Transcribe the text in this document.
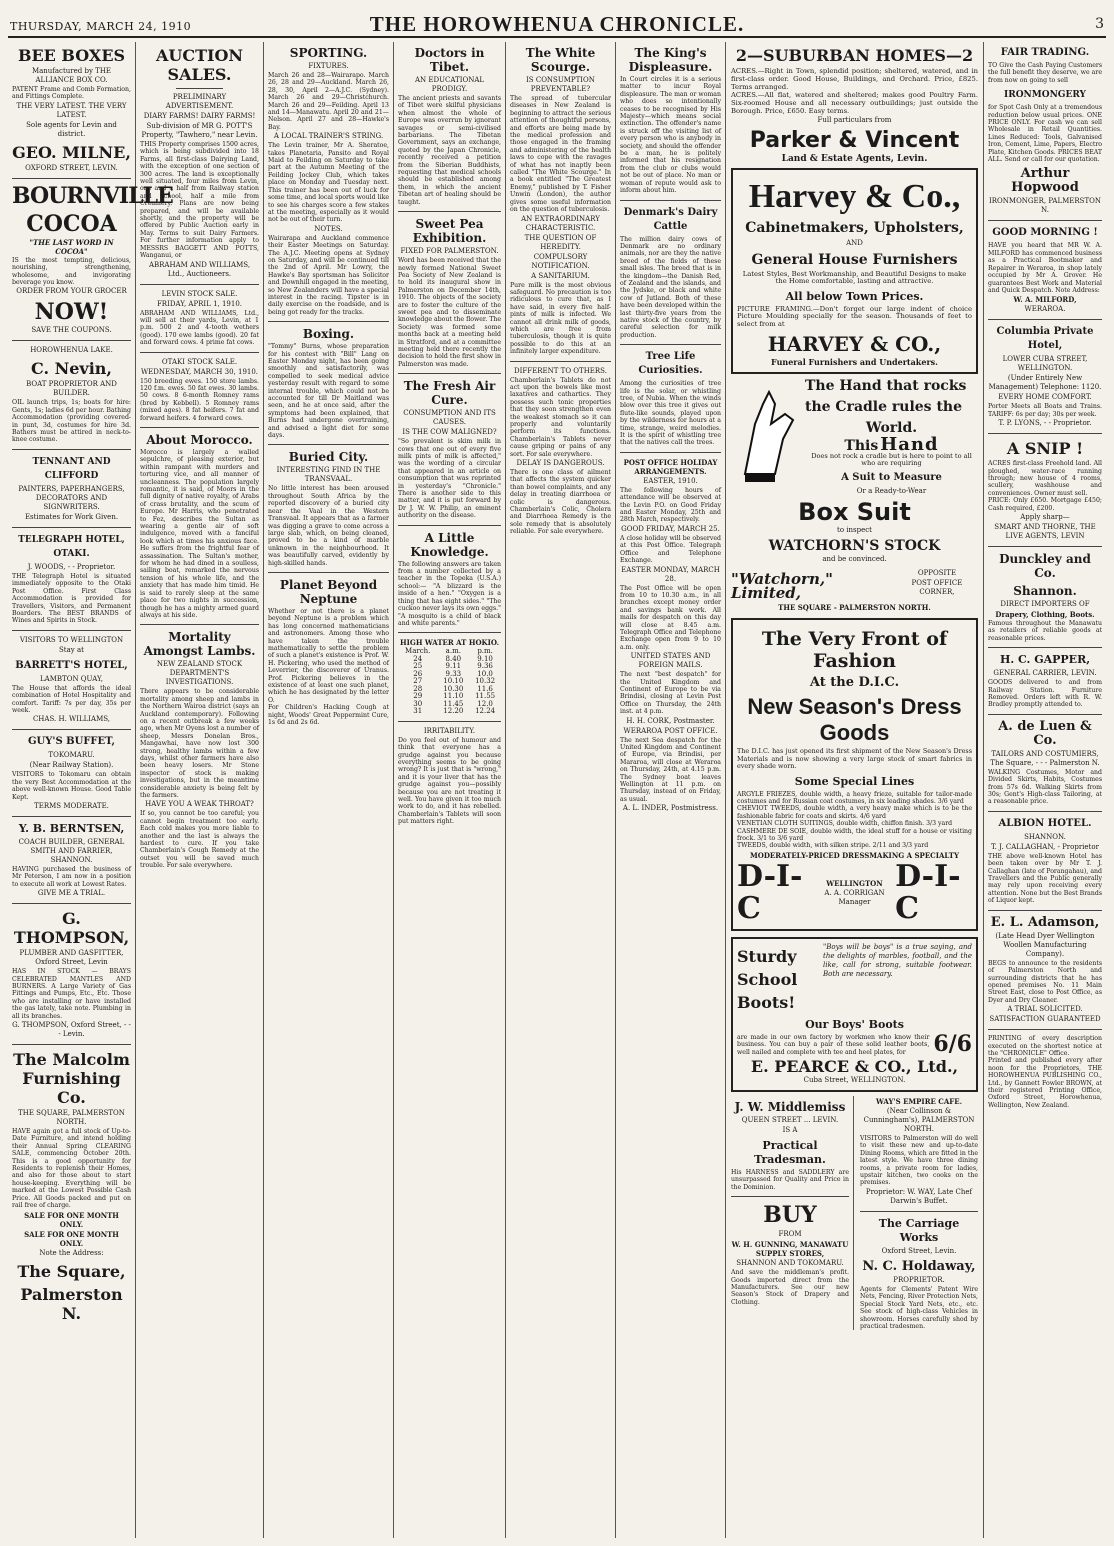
THURSDAY, MARCH 24, 1910	THE HOROWHENUA CHRONICLE.	3
BEE BOXES
Manufactured by THE ALLIANCE BOX CO.

PATENT Frame and Comb Formation, and Fittings Complete.

THE VERY LATEST. THE VERY LATEST.
Sole agents for Levin and district.
GEO. MILNE,
OXFORD STREET, LEVIN.
BOURNVILLE
COCOA
"THE LAST WORD IN COCOA"

IS the most tempting, delicious, nourishing, strengthening, wholesome, and invigorating beverage you know.

ORDER FROM YOUR GROCER
NOW!
SAVE THE COUPONS.
HOROWHENUA LAKE.
C. Nevin,
BOAT PROPRIETOR AND BUILDER.

OIL launch trips, 1s; boats for hire: Gents, 1s; ladies 6d per hour. Bathing Accommodation (providing covered-in punt, 3d, costumes for hire 3d. Bathers must be attired in neck-to-knee costume.

TENNANT AND CLIFFORD
PAINTERS, PAPERHANGERS, DECORATORS AND SIGNWRITERS.
Estimates for Work Given.
TELEGRAPH HOTEL, OTAKI.
J. WOODS, - - Proprietor.

THE Telegraph Hotel is situated immediately opposite to the Otaki Post Office. First Class Accommodation is provided for Travellers, Visitors, and Permanent Boarders. The BEST BRANDS of Wines and Spirits in Stock.

VISITORS TO WELLINGTON
Stay at
BARRETT'S HOTEL,
LAMBTON QUAY,

The House that affords the ideal combination of Hotel Hospitality and comfort. Tariff: 7s per day, 35s per week.

CHAS. H. WILLIAMS,
GUY'S BUFFET,
TOKOMARU.
(Near Railway Station).

VISITORS to Tokomaru can obtain the very Best Accommodation at the above well-known House. Good Table Kept.

TERMS MODERATE.
Y. B. BERNTSEN,
COACH BUILDER, GENERAL SMITH AND FARRIER, SHANNON.

HAVING purchased the business of Mr Peterson, I am now in a position to execute all work at Lowest Rates.

GIVE ME A TRIAL.
G. THOMPSON,
PLUMBER AND GASFITTER, Oxford Street, Levin

HAS IN STOCK — BRAYS CELEBRATED MANTLES AND BURNERS. A Large Variety of Gas Fittings and Pumps, Etc., Etc. Those who are installing or have installed the gas lately, take note. Plumbing in all its branches.

G. THOMPSON, Oxford Street, - - - Levin.
The Malcolm Furnishing Co.
THE SQUARE, PALMERSTON NORTH.

HAVE again got a full stock of Up-to-Date Furniture, and intend holding their Annual Spring CLEARING SALE, commencing October 20th. This is a good opportunity for Residents to replenish their Homes, and also for those about to start house-keeping. Everything will be marked at the Lowest Possible Cash Price. All Goods packed and put on rail free of charge.

SALE FOR ONE MONTH ONLY.
SALE FOR ONE MONTH ONLY.
Note the Address:
The Square,
Palmerston N.
AUCTION SALES.
PRELIMINARY ADVERTISEMENT.
DIARY FARMS! DAIRY FARMS!
Sub-division of MR G. POTT'S Property, "Tawhero," near Levin.

THIS Property comprises 1500 acres, which is being subdivided into 18 Farms, all first-class Dairying Land, with the exception of one section of 300 acres. The land is exceptionally well situated, four miles from Levin, one and a half from Railway station and School, half a mile from Creamery. Plans are now being prepared, and will be available shortly, and the property will be offered by Public Auction early in May. Terms to suit Dairy Farmers. For further information apply to MESSRS BAGGETT AND POTTS, Wanganui, or

ABRAHAM AND WILLIAMS, Ltd., Auctioneers.
LEVIN STOCK SALE.
FRIDAY, APRIL 1, 1910.

ABRAHAM AND WILLIAMS, Ltd., will sell at their yards, Levin, at 1 p.m. 500 2 and 4-tooth wethers (good). 170 ewe lambs (good). 20 fat and forward cows. 4 prime fat cows.

OTAKI STOCK SALE.
WEDNESDAY, MARCH 30, 1910.

150 breeding ewes. 150 store lambs. 120 f.m. ewes. 50 fat ewes. 30 lambs. 50 cows. 8 6-month Romney rams (bred by Kebbell). 5 Romney rams (mixed ages). 8 fat heifers. 7 fat and forward heifers. 4 forward cows.

About Morocco.

Morocco is largely a walled sepulchre, of pleasing exterior, but within rampant with murders and torturing vice, and all manner of uncleanness. The population largely romantic, it is said, of Moors in the full dignity of native royalty, of Arabs of crass brutality, and the scum of Europe. Mr Harris, who penetrated to Fez, describes the Sultan as wearing a gentle air of soft indulgence, moved with a fanciful look which at times his anxious face. He suffers from the frightful fear of assassination. The Sultan's mother, for whom he had dined in a soulless, sailing boat, remarked the nervous tension of his whole life, and the anxiety that has made him timid. He is said to rarely sleep at the same place for two nights in succession, though he has a mighty armed guard always at his side.

Mortality Amongst Lambs.
NEW ZEALAND STOCK DEPARTMENT'S INVESTIGATIONS.

There appears to be considerable mortality among sheep and lambs in the Northern Wairoa district (says an Auckland contemporary). Following on a recent outbreak a few weeks ago, when Mr Oyens lost a number of sheep, Messrs Donelan Bros., Mangawhai, have now lost 300 strong, healthy lambs within a few days, whilst other farmers have also been heavy losers. Mr Stone inspector of stock is making investigations, but in the meantime considerable anxiety is being felt by the farmers.

HAVE YOU A WEAK THROAT?

If so, you cannot be too careful; you cannot begin treatment too early. Each cold makes you more liable to another and the last is always the hardest to cure. If you take Chamberlain's Cough Remedy at the outset you will be saved much trouble. For sale everywhere.

SPORTING.
FIXTURES.

March 26 and 28—Wairarapo. March 26, 28 and 29—Auckland. March 26, 28, 30, April 2—A.J.C. (Sydney). March 26 and 29—Christchurch. March 26 and 29—Feilding. April 13 and 14—Manawatu. April 20 and 21—Nelson. April 27 and 28—Hawke's Bay.

A LOCAL TRAINER'S STRING.

The Levin trainer, Mr A. Sheratoe, takes Planetaria, Pansito and Royal Maid to Feilding on Saturday to take part at the Autumn Meeting of the Feilding Jockey Club, which takes place on Monday and Tuesday next. This trainer has been out of luck for some time, and local sports would like to see his charges score a few stakes at the meeting, especially as it would not be out of their turn.

NOTES.

Wairarapa and Auckland commence their Easter Meetings on Saturday. The A.J.C. Meeting opens at Sydney on Saturday, and will be continued till the 2nd of April. Mr Lowry, the Hawke's Bay sportsman has Solicitor and Downhill engaged in the meeting, so New Zealanders will have a special interest in the racing. Tipster is in daily exercise on the roadside, and is being got ready for the tracks.

Boxing.

"Tommy" Burns, whose preparation for his contest with "Bill" Lang on Easter Monday night, has been going smoothly and satisfactorily, was compelled to seek medical advice yesterday result with regard to some internal trouble, which could not be accounted for till Dr Maitland was seen, and he at once said, after the symptoms had been explained, that Burns had undergone overtraining, and advised a light diet for some days.

Buried City.
INTERESTING FIND IN THE TRANSVAAL.

No little interest has been aroused throughout South Africa by the reported discovery of a buried city near the Vaal in the Western Transvaal. It appears that as a farmer was digging a grave to come across a large slab, which, on being cleaned, proved to be a kind of marble unknown in the neighbourhood. It was beautifully carved, evidently by high-skilled hands.

Planet Beyond Neptune

Whether or not there is a planet beyond Neptune is a problem which has long concerned mathematicians and astronomers. Among those who have taken the trouble mathematically to settle the problem of such a planet's existence is Prof. W. H. Pickering, who used the method of Leverrier, the discoverer of Uranus. Prof. Pickering believes in the existence of at least one such planet, which he has designated by the letter O.

For Children's Hacking Cough at night, Woods' Great Peppermint Cure, 1s 6d and 2s 6d.

Doctors in Tibet.
AN EDUCATIONAL PRODIGY.

The ancient priests and savants of Tibet were skilful physicians when almost the whole of Europe was overrun by ignorant savages or semi-civilised barbarians. The Tibetan Government, says an exchange, quoted by the Japan Chronicle, recently received a petition from the Siberian Buddhists, requesting that medical schools should be established among them, in which the ancient Tibetan art of healing should be taught.

Sweet Pea Exhibition.
FIXED FOR PALMERSTON.

Word has been received that the newly formed National Sweet Pea Society of New Zealand is to hold its inaugural show in Palmerston on December 14th, 1910. The objects of the society are to foster the culture of the sweet pea and to disseminate knowledge about the flower. The Society was formed some months back at a meeting held in Stratford, and at a committee meeting held there recently the decision to hold the first show in Palmerston was made.

The Fresh Air Cure.
CONSUMPTION AND ITS CAUSES.
IS THE COW MALIGNED?

"So prevalent is skim milk in cows that one out of every five milk pints of milk is affected," was the wording of a circular that appeared in an article on consumption that was reprinted in yesterday's "Chronicle." There is another side to this matter, and it is put forward by Dr J. W. W. Philip, an eminent authority on the disease.

A Little Knowledge.

The following answers are taken from a number collected by a teacher in the Topeka (U.S.A.) school:— "A blizzard is the inside of a hen." "Oxygen is a thing that has eight sides." "The cuckoo never lays its own eggs." "A mosquito is a child of black and white parents."

HIGH WATER AT HOKIO.
March.	a.m.	p.m.
24	8.40	9.10
25	9.11	9.36
26	9.33	10.0
27	10.10	10.32
28	10.30	11.6
29	11.10	11.55
30	11.45	12.0
31	12.20	12.24
IRRITABILITY.

Do you feel out of humour and think that everyone has a grudge against you because everything seems to be going wrong? It is just that is "wrong," and it is your liver that has the grudge against you—possibly because you are not treating it well. You have given it too much work to do, and it has rebelled. Chamberlain's Tablets will soon put matters right.

The White Scourge.
IS CONSUMPTION PREVENTABLE?

The spread of tubercular diseases in New Zealand is beginning to attract the serious attention of thoughtful persons, and efforts are being made by the medical profession and those engaged in the framing and administering of the health laws to cope with the ravages of what has not inaptly been called "The White Scourge." In a book entitled "The Greatest Enemy," published by T. Fisher Unwin (London), the author gives some useful information on the question of tuberculosis.

AN EXTRAORDINARY CHARACTERISTIC.
THE QUESTION OF HEREDITY.
COMPULSORY NOTIFICATION.
A SANITARIUM.

Pure milk is the most obvious safeguard. No precaution is too ridiculous to cure that, as I have said, in every five half-pints of milk is infected. We cannot all drink milk of goods, which are free from tuberculosis, though it is quite possible to do this at an infinitely larger expenditure.

DIFFERENT TO OTHERS.

Chamberlain's Tablets do not act upon the bowels like most laxatives and cathartics. They possess such tonic properties that they soon strengthen even the weakest stomach so it can properly and voluntarily perform its functions. Chamberlain's Tablets never cause griping or pains of any sort. For sale everywhere.

DELAY IS DANGEROUS.

There is one class of ailment that affects the system quicker than bowel complaints, and any delay in treating diarrhoea or colic is dangerous. Chamberlain's Colic, Cholera and Diarrhoea Remedy is the sole remedy that is absolutely reliable. For sale everywhere.

The King's Displeasure.

In Court circles it is a serious matter to incur Royal displeasure. The man or woman who does so intentionally ceases to be recognised by His Majesty—which means social extinction. The offender's name is struck off the visiting list of every person who is anybody in society, and should the offender be a man, he is politely informed that his resignation from the club or clubs would not be out of place. No man or woman of repute would ask to inform about him.

Denmark's Dairy Cattle

The million dairy cows of Denmark are no ordinary animals, nor are they the native breed of the fields of these small isles. The breed that is in the kingdom—the Danish Red, of Zealand and the islands, and the Jydske, or black and white cow of Jutland. Both of these have been developed within the last thirty-five years from the native stock of the country, by careful selection for milk production.

Tree Life Curiosities.

Among the curiosities of tree life is the solar, or whistling tree, of Nubia. When the winds blow over this tree it gives out flute-like sounds, played upon by the wilderness for hours at a time, strange, weird melodies. It is the spirit of whistling tree that the natives call the trees.

POST OFFICE HOLIDAY ARRANGEMENTS.
EASTER, 1910.

The following hours of attendance will be observed at the Levin P.O. on Good Friday and Easter Monday, 25th and 28th March, respectively.

GOOD FRIDAY, MARCH 25.

A close holiday will be observed at this Post Office. Telegraph Office and Telephone Exchange.

EASTER MONDAY, MARCH 28.

The Post Office will be open from 10 to 10.30 a.m., in all branches except money order and savings bank work. All mails for despatch on this day will close at 8.45 a.m. Telegraph Office and Telephone Exchange open from 9 to 10 a.m. only.

UNITED STATES AND FOREIGN MAILS.

The next "best despatch" for the United Kingdom and Continent of Europe to be via Brindisi, closing at Levin Post Office on Thursday, the 24th inst. at 4 p.m.

H. H. CORK, Postmaster.
WERAROA POST OFFICE.

The next Sea despatch for the United Kingdom and Continent of Europe, via Brindisi, per Mararoa, will close at Weraroa on Thursday, 24th, at 4.15 p.m. The Sydney boat leaves Wellington at 11 p.m. on Thursday, instead of on Friday, as usual.

A. L. INDER, Postmistress.
2—SUBURBAN HOMES—2

ACRES.—Right in Town, splendid position; sheltered, watered, and in first-class order. Good House, Buildings, and Orchard. Price, £825. Terms arranged.

ACRES.—All flat, watered and sheltered; makes good Poultry Farm. Six-roomed House and all necessary outbuildings; just outside the Borough. Price, £650. Easy terms.

Full particulars from
Parker & Vincent
Land & Estate Agents, Levin.
Harvey & Co.,
Cabinetmakers, Upholsters,
AND
General House Furnishers

Latest Styles, Best Workmanship, and Beautiful Designs to make the Home comfortable, lasting and attractive.

All below Town Prices.

PICTURE FRAMING.—Don't forget our large indent of choice Picture Moulding specially for the season. Thousands of feet to select from at

HARVEY & CO.,
Funeral Furnishers and Undertakers.
The Hand that rocks
the Cradle rules the
World.
This Hand

Does not rock a cradle but is here to point to all who are requiring

A Suit to Measure
Or a Ready-to-Wear
Box Suit
to inspect
WATCHORN'S STOCK
and be convinced.
"Watchorn," Limited,
OPPOSITE
POST OFFICE CORNER,
THE SQUARE - PALMERSTON NORTH.
The Very Front of Fashion
At the D.I.C.
New Season's Dress Goods

The D.I.C. has just opened its first shipment of the New Season's Dress Materials and is now showing a very large stock of smart fabrics in every shade worn.

Some Special Lines

ARGYLE FRIEZES, double width, a heavy frieze, suitable for tailor-made costumes and for Russian coat costumes, in six leading shades. 3/6 yard

CHEVIOT TWEEDS, double width, a very heavy make which is to be the fashionable fabric for coats and skirts. 4/6 yard

VENETIAN CLOTH SUITINGS, double width, chiffon finish. 3/3 yard

CASHMERE DE SOIE, double width, the ideal stuff for a house or visiting frock. 3/1 to 3/6 yard

TWEEDS, double width, with silken stripe. 2/11 and 3/3 yard

MODERATELY-PRICED DRESSMAKING A SPECIALTY
D-I-C
WELLINGTON
A. A. CORRIGAN Manager
D-I-C
Sturdy
School
Boots!

"Boys will be boys" is a true saying, and the delights of marbles, football, and the like, call for strong, suitable footwear. Both are necessary.

Our Boys' Boots

are made in our own factory by workmen who know their business. You can buy a pair of these solid leather boots, well nailed and complete with tee and heel plates, for	6/6
E. PEARCE & CO., Ltd.,
Cuba Street, WELLINGTON.
J. W. Middlemiss
QUEEN STREET ... LEVIN.
IS A
Practical Tradesman.

His HARNESS and SADDLERY are unsurpassed for Quality and Price in the Dominion.

BUY
FROM
W. H. GUNNING, MANAWATU SUPPLY STORES,
SHANNON AND TOKOMARU.

And save the middleman's profit. Goods imported direct from the Manufacturers. See our new Season's Stock of Drapery and Clothing.

WAY'S EMPIRE CAFE.
(Near Collinson & Cunningham's), PALMERSTON NORTH.

VISITORS to Palmerston will do well to visit these new and up-to-date Dining Rooms, which are fitted in the latest style. We have three dining rooms, a private room for ladies, upstair kitchen, two cooks on the premises.

Proprietor: W. WAY, Late Chef Darwin's Buffet.
The Carriage Works
Oxford Street, Levin.
N. C. Holdaway,
PROPRIETOR.

Agents for Clements' Patent Wire Nets, Fencing, River Protection Nets, Special Stock Yard Nets, etc., etc. See stock of high-class Vehicles in showroom. Horses carefully shod by practical tradesmen.

FAIR TRADING.

TO Give the Cash Paying Customers the full benefit they deserve, we are from now on going to sell

IRONMONGERY

for Spot Cash Only at a tremendous reduction below usual prices. ONE PRICE ONLY. For cash we can sell Wholesale in Retail Quantities. Lines Reduced: Tools, Galvanised Iron, Cement, Lime, Papers, Electro Plate, Kitchen Goods. PRICES BEAT ALL. Send or call for our quotation.

Arthur Hopwood
IRONMONGER, PALMERSTON N.
GOOD MORNING !

HAVE you heard that MR W. A. MILFORD has commenced business as a Practical Bootmaker and Repairer in Weraroa, in shop lately occupied by Mr A. Grover. He guarantees Best Work and Material and Quick Despatch. Note Address:

W. A. MILFORD,
WERAROA.
Columbia Private Hotel,
LOWER CUBA STREET, WELLINGTON.
(Under Entirely New Management) Telephone: 1120.
EVERY HOME COMFORT.

Porter Meets all Boats and Trains. TARIFF: 6s per day; 30s per week.

T. P. LYONS, - - Proprietor.
A SNIP !

ACRES first-class Freehold land. All ploughed, water-race running through; new house of 4 rooms, scullery, washhouse and conveniences. Owner must sell.

PRICE: Only £650. Mortgage £450; Cash required, £200.

Apply sharp—
SMART AND THORNE, THE LIVE AGENTS, LEVIN
Dunckley and Co.
Shannon.
DIRECT IMPORTERS OF
Drapery, Clothing, Boots.

Famous throughout the Manawatu as retailers of reliable goods at reasonable prices.

H. C. GAPPER,
GENERAL CARRIER, LEVIN.

GOODS delivered to and from Railway Station. Furniture Removed. Orders left with R. W. Bradley promptly attended to.

A. de Luen & Co.
TAILORS AND COSTUMIERS, The Square, - - - Palmerston N.

WALKING Costumes, Motor and Divided Skirts, Habits, Costumes from 57s 6d. Walking Skirts from 30s; Gent's High-class Tailoring, at a reasonable price.

ALBION HOTEL.
SHANNON.
T. J. CALLAGHAN, - Proprietor

THE above well-known Hotel has been taken over by Mr T. J. Callaghan (late of Porangahau), and Travellers and the Public generally may rely upon receiving every attention. None but the Best Brands of Liquor kept.

E. L. Adamson,
(Late Head Dyer Wellington Woollen Manufacturing Company).

BEGS to announce to the residents of Palmerston North and surrounding districts that he has opened premises No. 11 Main Street East, close to Post Office, as Dyer and Dry Cleaner.

A TRIAL SOLICITED.
SATISFACTION GUARANTEED

PRINTING of every description executed on the shortest notice at the "CHRONICLE" Office.

Printed and published every after noon for the Proprietors, THE HOROWHENUA PUBLISHING CO., Ltd., by Gannett Fowler BROWN, at their registered Printing Office, Oxford Street, Horowhenua, Wellington, New Zealand.
